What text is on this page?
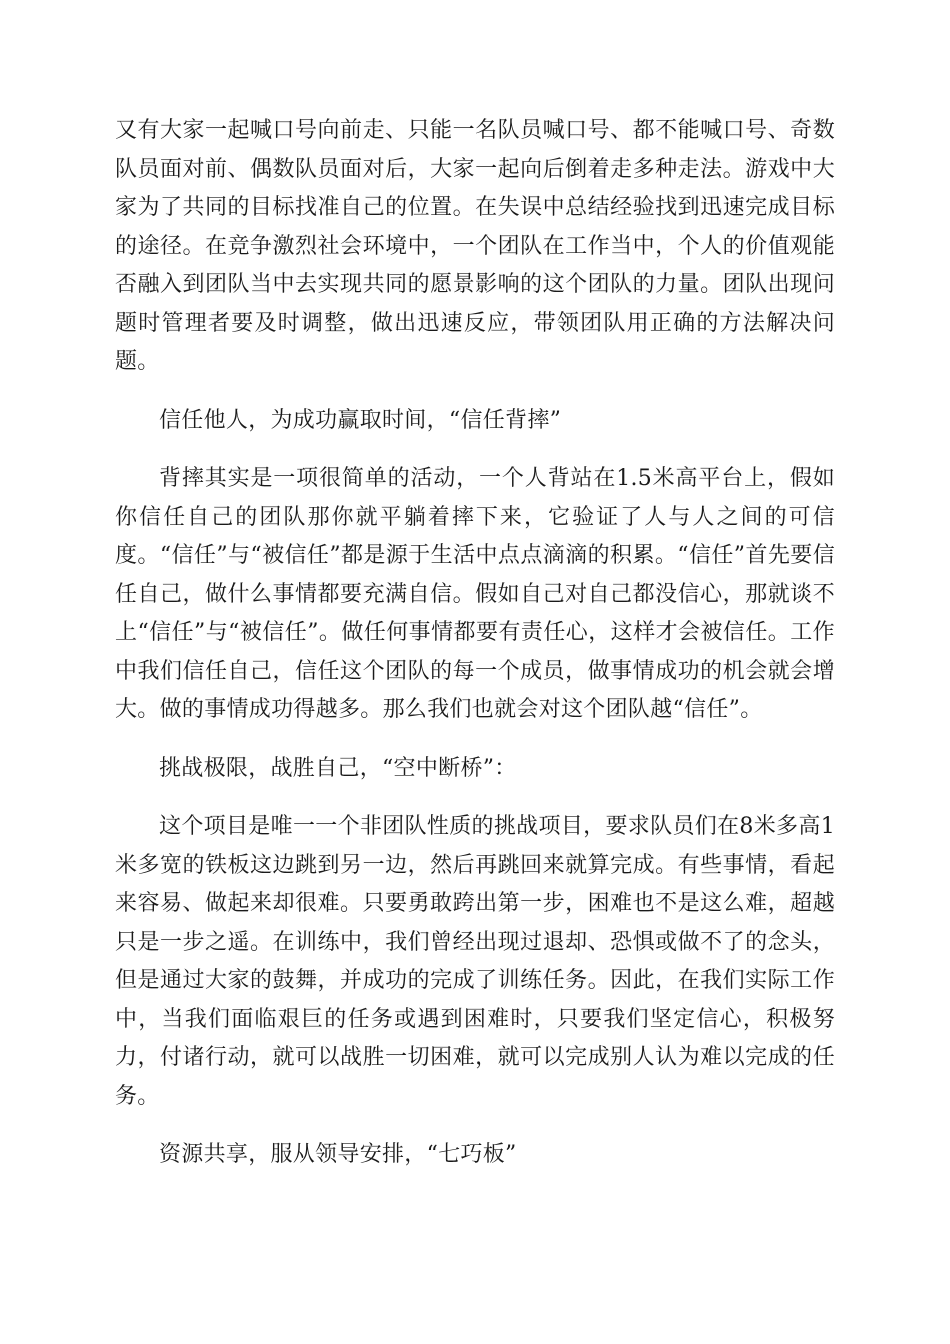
又有大家一起喊口号向前走、只能一名队员喊口号、都不能喊口号、奇数队员面对前、偶数队员面对后，大家一起向后倒着走多种走法。游戏中大家为了共同的目标找准自己的位置。在失误中总结经验找到迅速完成目标的途径。在竞争激烈社会环境中，一个团队在工作当中，个人的价值观能否融入到团队当中去实现共同的愿景影响的这个团队的力量。团队出现问题时管理者要及时调整，做出迅速反应，带领团队用正确的方法解决问题。

信任他人，为成功赢取时间，“信任背摔”

背摔其实是一项很简单的活动，一个人背站在1.5米高平台上，假如你信任自己的团队那你就平躺着摔下来，它验证了人与人之间的可信度。“信任”与“被信任”都是源于生活中点点滴滴的积累。“信任”首先要信任自己，做什么事情都要充满自信。假如自己对自己都没信心，那就谈不上“信任”与“被信任”。做任何事情都要有责任心，这样才会被信任。工作中我们信任自己，信任这个团队的每一个成员，做事情成功的机会就会增大。做的事情成功得越多。那么我们也就会对这个团队越“信任”。

挑战极限，战胜自己，“空中断桥”：

这个项目是唯一一个非团队性质的挑战项目，要求队员们在8米多高1米多宽的铁板这边跳到另一边，然后再跳回来就算完成。有些事情，看起来容易、做起来却很难。只要勇敢跨出第一步，困难也不是这么难，超越只是一步之遥。在训练中，我们曾经出现过退却、恐惧或做不了的念头，但是通过大家的鼓舞，并成功的完成了训练任务。因此，在我们实际工作中，当我们面临艰巨的任务或遇到困难时，只要我们坚定信心，积极努力，付诸行动，就可以战胜一切困难，就可以完成别人认为难以完成的任务。

资源共享，服从领导安排，“七巧板”
